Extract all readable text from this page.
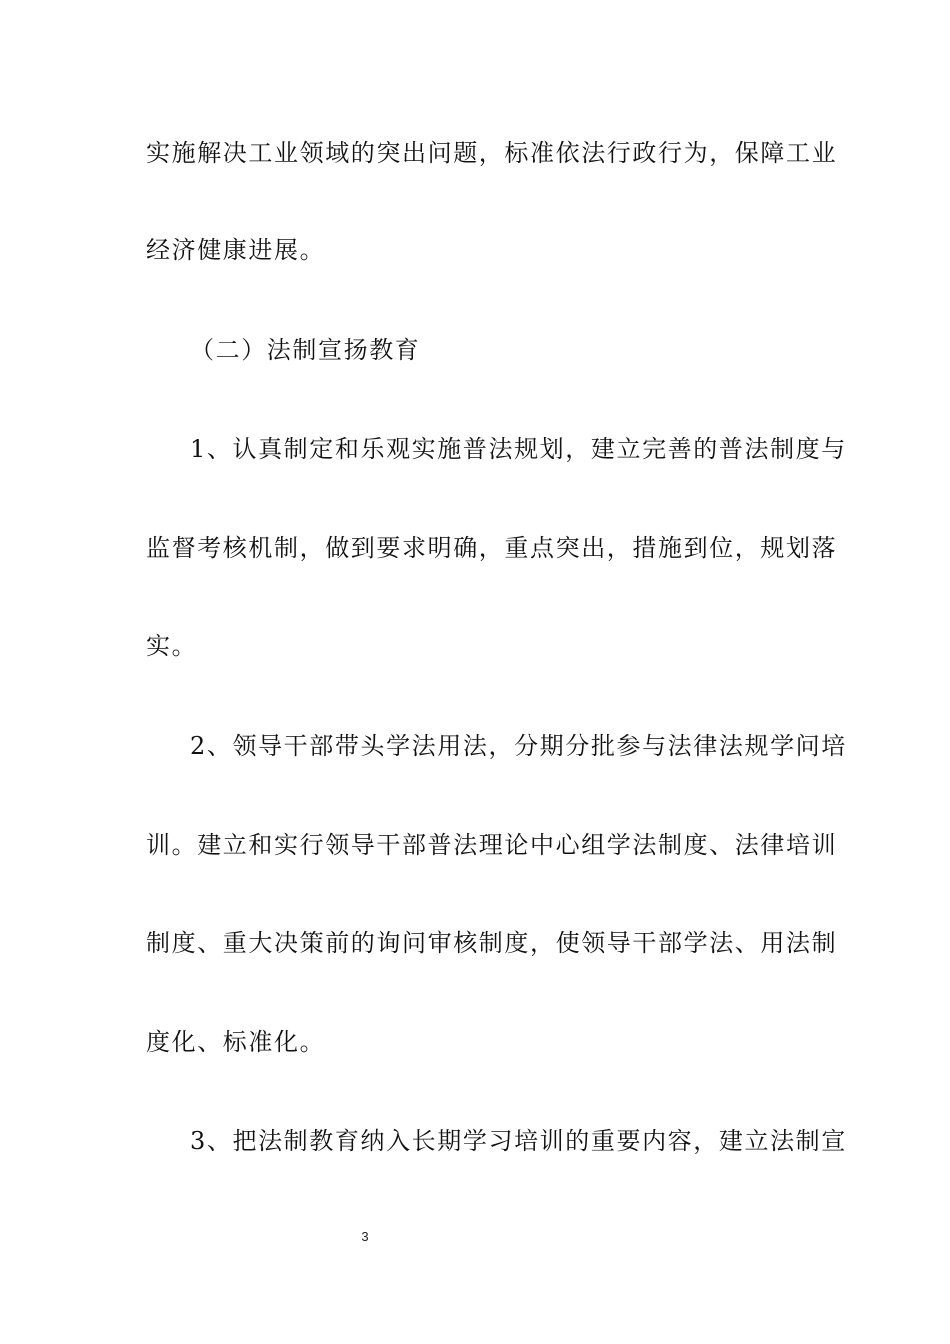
实施解决工业领域的突出问题，标准依法行政行为，保障工业
经济健康进展。
（二）法制宣扬教育
1、认真制定和乐观实施普法规划，建立完善的普法制度与
监督考核机制，做到要求明确，重点突出，措施到位，规划落
实。
2、领导干部带头学法用法，分期分批参与法律法规学问培
训。建立和实行领导干部普法理论中心组学法制度、法律培训
制度、重大决策前的询问审核制度，使领导干部学法、用法制
度化、标准化。
3、把法制教育纳入长期学习培训的重要内容，建立法制宣
3
